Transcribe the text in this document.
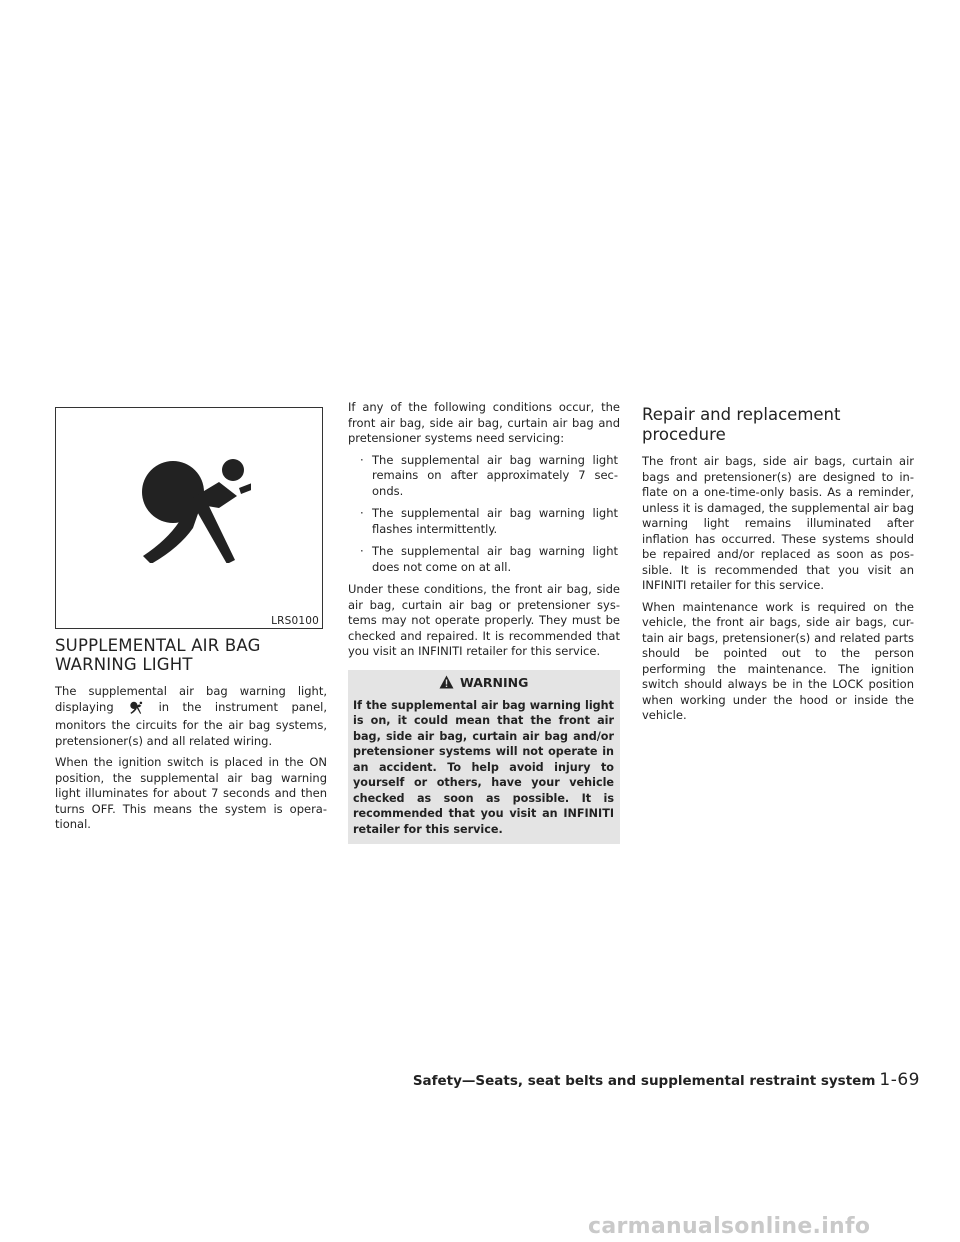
LRS0100
SUPPLEMENTAL AIR BAG
WARNING LIGHT

The supplemental air bag warning light, displaying	in the instrument panel, monitors the circuits for the air bag systems, pretensioner(s) and all related wiring.

When the ignition switch is placed in the ON position, the supplemental air bag warning light illuminates for about 7 seconds and then turns OFF. This means the system is opera-tional.

If any of the following conditions occur, the front air bag, side air bag, curtain air bag and pretensioner systems need servicing:

· The supplemental air bag warning light remains on after approximately 7 sec-onds.
· The supplemental air bag warning light flashes intermittently.
· The supplemental air bag warning light does not come on at all.

Under these conditions, the front air bag, side air bag, curtain air bag or pretensioner sys-tems may not operate properly. They must be checked and repaired. It is recommended that you visit an INFINITI retailer for this service.

WARNING

If the supplemental air bag warning light is on, it could mean that the front air bag, side air bag, curtain air bag and/or pretensioner systems will not operate in an accident. To help avoid injury to yourself or others, have your vehicle checked as soon as possible. It is recommended that you visit an INFINITI retailer for this service.

Repair and replacement procedure

The front air bags, side air bags, curtain air bags and pretensioner(s) are designed to in-flate on a one-time-only basis. As a reminder, unless it is damaged, the supplemental air bag warning light remains illuminated after inflation has occurred. These systems should be repaired and/or replaced as soon as pos-sible. It is recommended that you visit an INFINITI retailer for this service.

When maintenance work is required on the vehicle, the front air bags, side air bags, cur-tain air bags, pretensioner(s) and related parts should be pointed out to the person performing the maintenance. The ignition switch should always be in the LOCK position when working under the hood or inside the vehicle.

Safety—Seats, seat belts and supplemental restraint system 1-69
carmanualsonline.info
